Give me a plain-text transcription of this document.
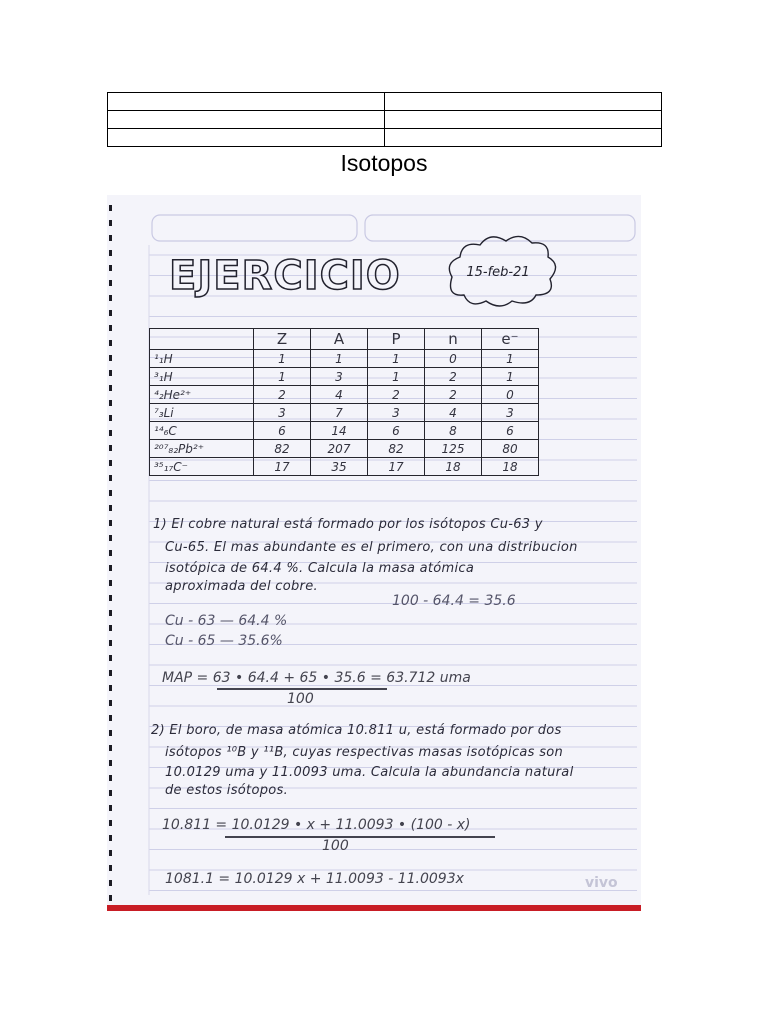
Isotopos
EJERCICIO	15-feb-21
	Z	A	P	n	e⁻
¹₁H	1	1	1	0	1
³₁H	1	3	1	2	1
⁴₂He²⁺	2	4	2	2	0
⁷₃Li	3	7	3	4	3
¹⁴₆C	6	14	6	8	6
²⁰⁷₈₂Pb²⁺	82	207	82	125	80
³⁵₁₇C⁻	17	35	17	18	18
1) El cobre natural está formado por los isótopos Cu-63 y
Cu-65. El mas abundante es el primero, con una distribucion
isotópica de 64.4 %. Calcula la masa atómica
aproximada del cobre.
100 - 64.4 = 35.6
Cu - 63 — 64.4 %
Cu - 65 — 35.6%
MAP = 63 • 64.4 + 65 • 35.6 = 63.712 uma
100
2) El boro, de masa atómica 10.811 u, está formado por dos
isótopos ¹⁰B y ¹¹B, cuyas respectivas masas isotópicas son
10.0129 uma y 11.0093 uma. Calcula la abundancia natural
de estos isótopos.
10.811 = 10.0129 • x + 11.0093 • (100 - x)
100
1081.1 = 10.0129 x + 11.0093 - 11.0093x	vivo
